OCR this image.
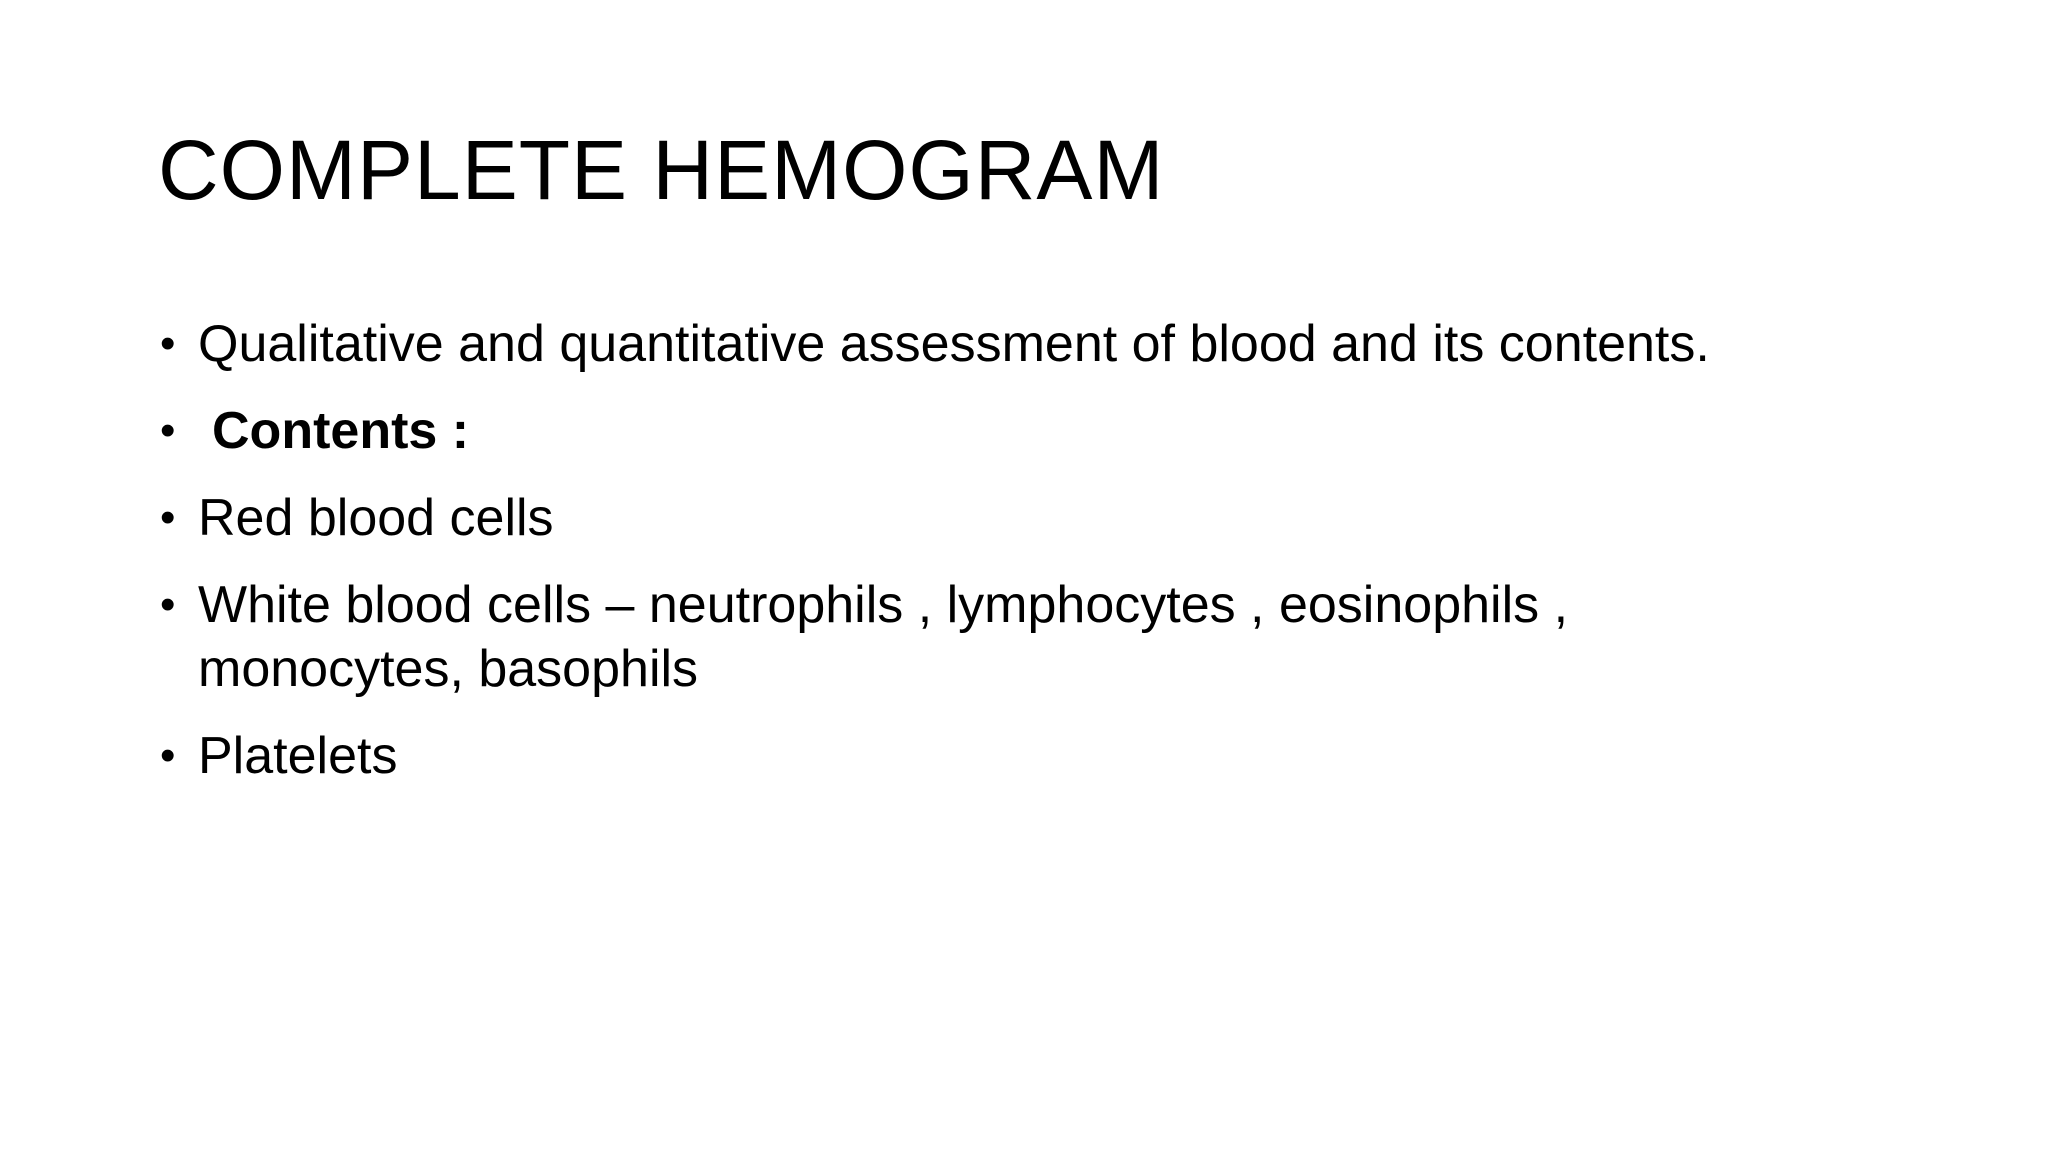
COMPLETE HEMOGRAM
• Qualitative and quantitative assessment of blood and its contents.
• Contents :
• Red blood cells
• White blood cells – neutrophils , lymphocytes , eosinophils , monocytes, basophils
• Platelets
